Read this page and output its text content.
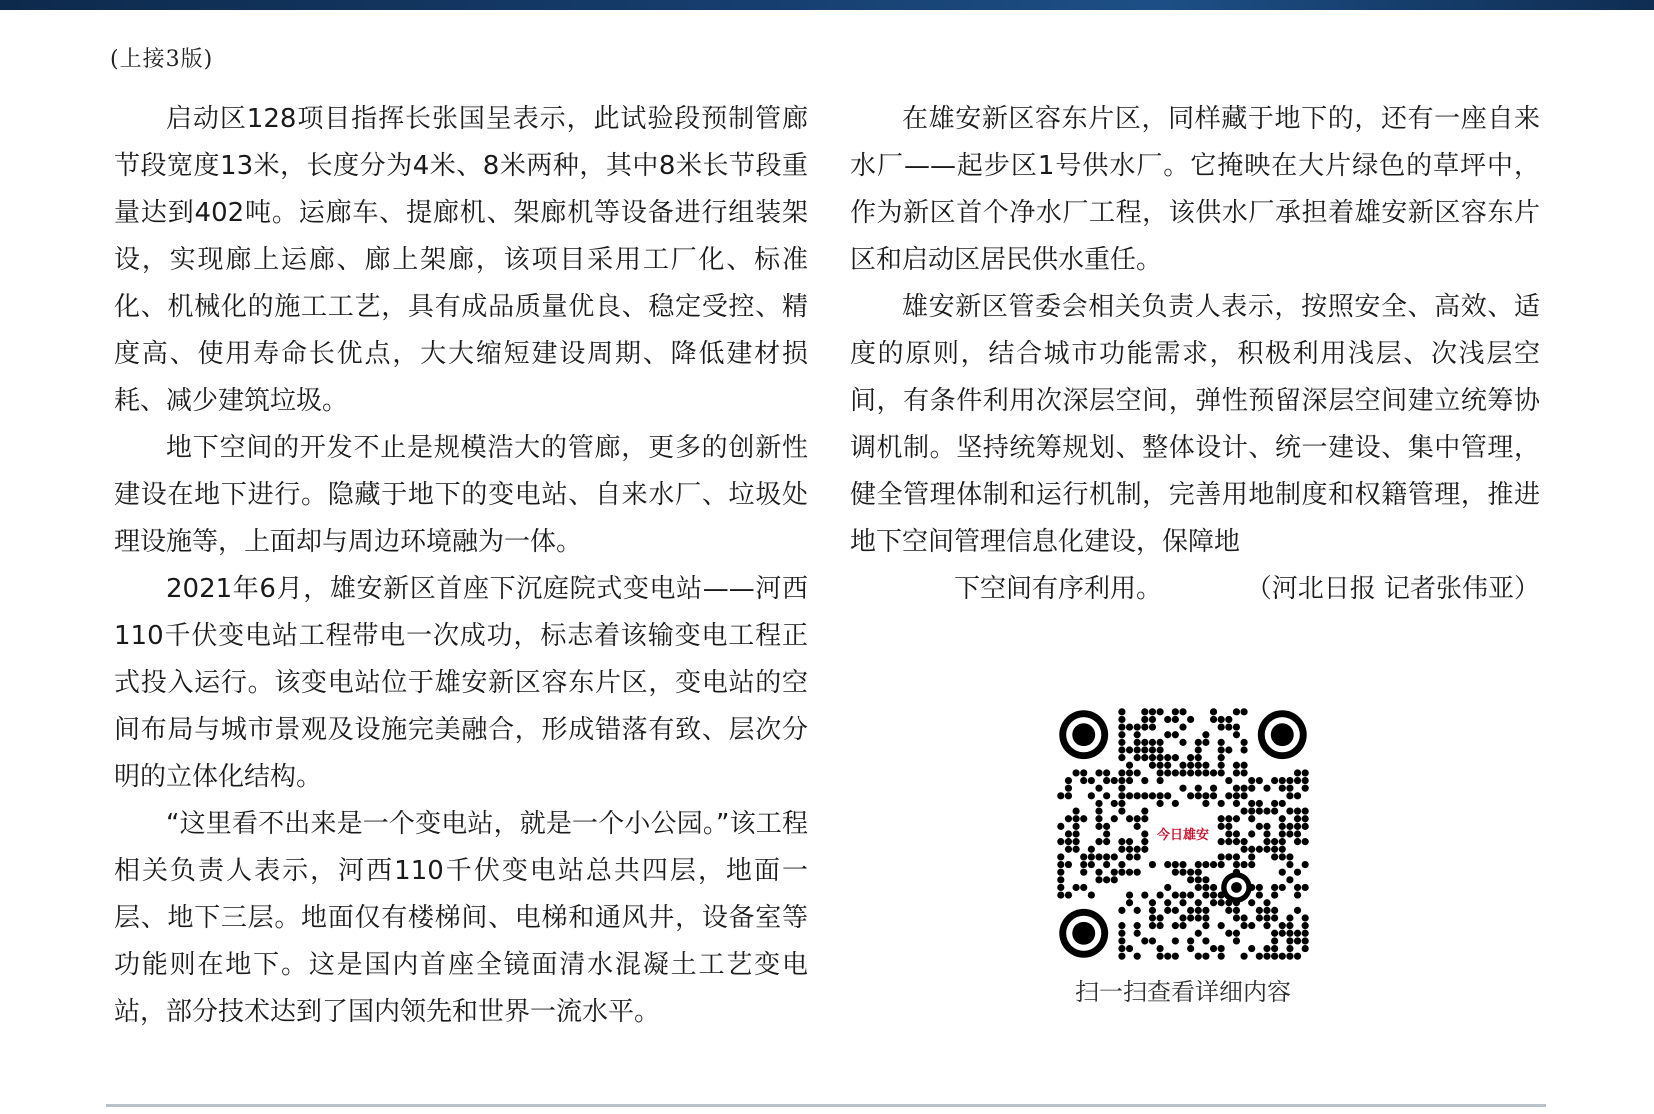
(上接3版)

启动区128项目指挥长张国呈表示，此试验段预制管廊节段宽度13米，长度分为4米、8米两种，其中8米长节段重量达到402吨。运廊车、提廊机、架廊机等设备进行组装架设，实现廊上运廊、廊上架廊，该项目采用工厂化、标准化、机械化的施工工艺，具有成品质量优良、稳定受控、精度高、使用寿命长优点，大大缩短建设周期、降低建材损耗、减少建筑垃圾。

地下空间的开发不止是规模浩大的管廊，更多的创新性建设在地下进行。隐藏于地下的变电站、自来水厂、垃圾处理设施等，上面却与周边环境融为一体。

2021年6月，雄安新区首座下沉庭院式变电站——河西110千伏变电站工程带电一次成功，标志着该输变电工程正式投入运行。该变电站位于雄安新区容东片区，变电站的空间布局与城市景观及设施完美融合，形成错落有致、层次分明的立体化结构。

“这里看不出来是一个变电站，就是一个小公园。”该工程相关负责人表示，河西110千伏变电站总共四层，地面一层、地下三层。地面仅有楼梯间、电梯和通风井，设备室等功能则在地下。这是国内首座全镜面清水混凝土工艺变电站，部分技术达到了国内领先和世界一流水平。

在雄安新区容东片区，同样藏于地下的，还有一座自来水厂——起步区1号供水厂。它掩映在大片绿色的草坪中，作为新区首个净水厂工程，该供水厂承担着雄安新区容东片区和启动区居民供水重任。

雄安新区管委会相关负责人表示，按照安全、高效、适度的原则，结合城市功能需求，积极利用浅层、次浅层空间，有条件利用次深层空间，弹性预留深层空间建立统筹协调机制。坚持统筹规划、整体设计、统一建设、集中管理，健全管理体制和运行机制，完善用地制度和权籍管理，推进地下空间管理信息化建设，保障地

下空间有序利用。	（河北日报 记者张伟亚）

今日雄安
扫一扫查看详细内容
